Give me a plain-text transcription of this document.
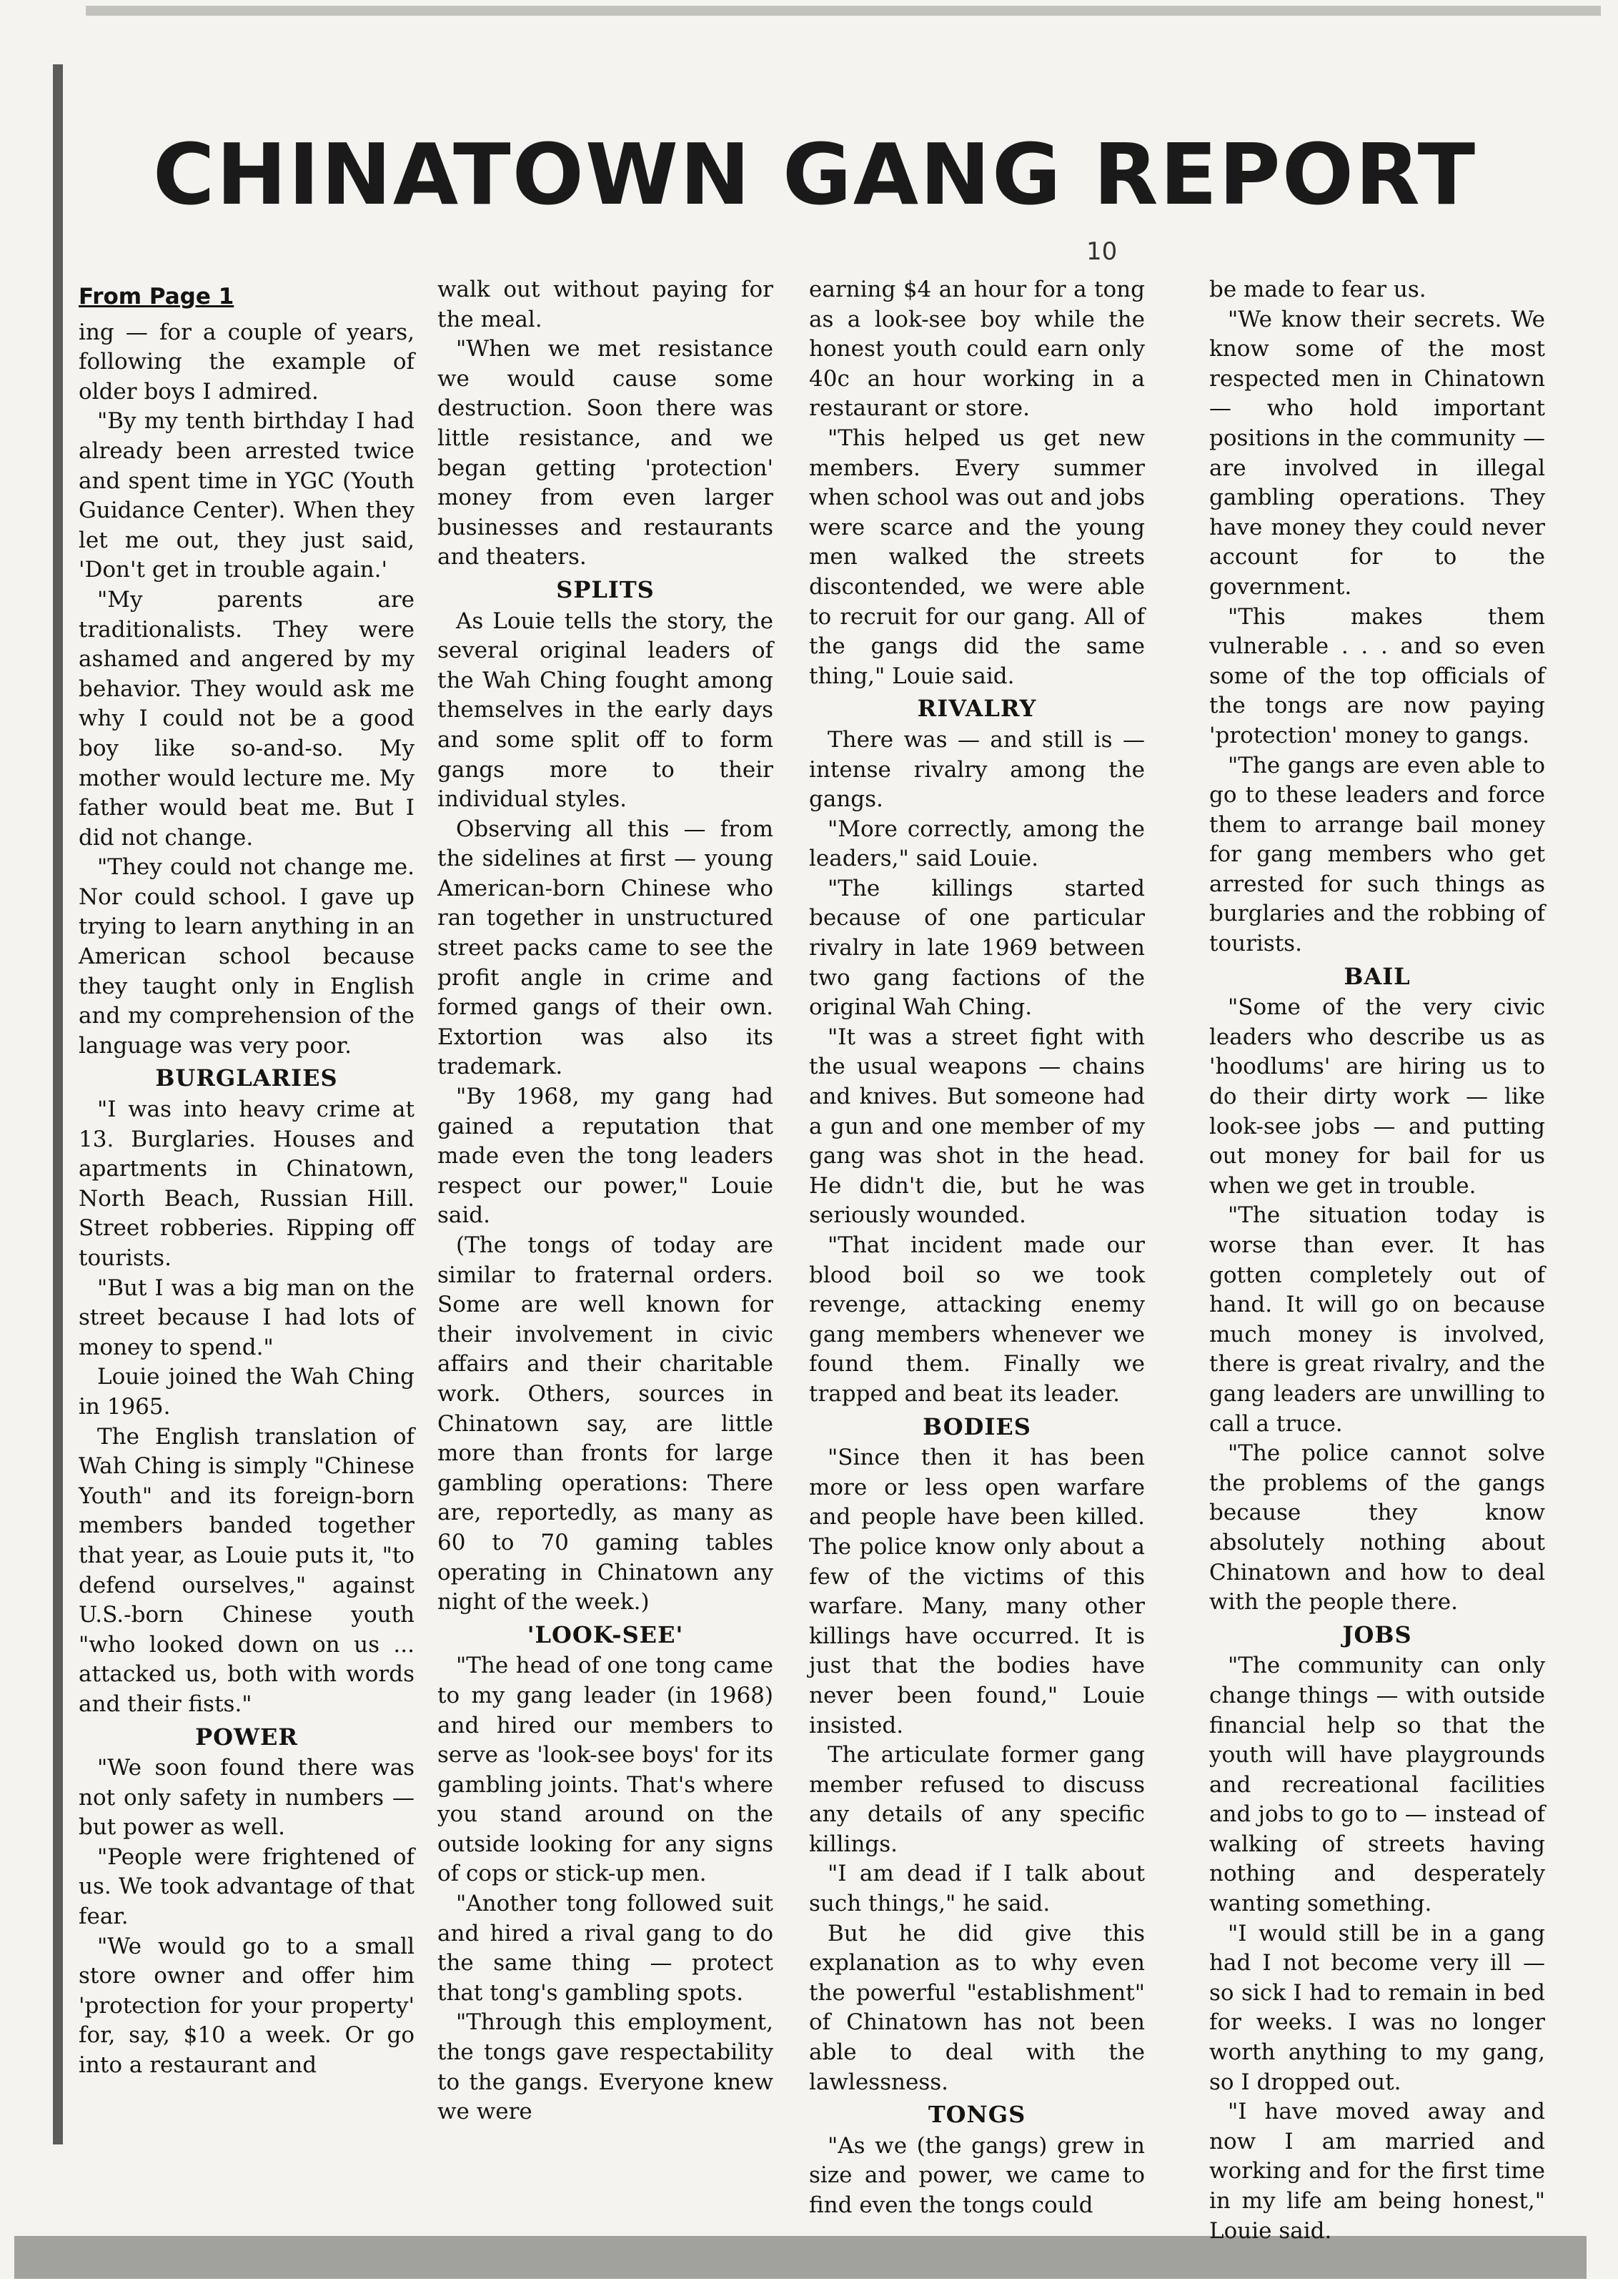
CHINATOWN GANG REPORT
10
From Page 1

ing — for a couple of years, following the example of older boys I admired.

"By my tenth birthday I had already been arrested twice and spent time in YGC (Youth Guidance Center). When they let me out, they just said, 'Don't get in trouble again.'

"My parents are traditionalists. They were ashamed and angered by my behavior. They would ask me why I could not be a good boy like so-and-so. My mother would lecture me. My father would beat me. But I did not change.

"They could not change me. Nor could school. I gave up trying to learn anything in an American school because they taught only in English and my comprehension of the language was very poor.

BURGLARIES

"I was into heavy crime at 13. Burglaries. Houses and apartments in Chinatown, North Beach, Russian Hill. Street robberies. Ripping off tourists.

"But I was a big man on the street because I had lots of money to spend."

Louie joined the Wah Ching in 1965.

The English translation of Wah Ching is simply "Chinese Youth" and its foreign-born members banded together that year, as Louie puts it, "to defend ourselves," against U.S.-born Chinese youth "who looked down on us ... attacked us, both with words and their fists."

POWER

"We soon found there was not only safety in numbers — but power as well.

"People were frightened of us. We took advantage of that fear.

"We would go to a small store owner and offer him 'protection for your property' for, say, $10 a week. Or go into a restaurant and

walk out without paying for the meal.

"When we met resistance we would cause some destruction. Soon there was little resistance, and we began getting 'protection' money from even larger businesses and restaurants and theaters.

SPLITS

As Louie tells the story, the several original leaders of the Wah Ching fought among themselves in the early days and some split off to form gangs more to their individual styles.

Observing all this — from the sidelines at first — young American-born Chinese who ran together in unstructured street packs came to see the profit angle in crime and formed gangs of their own. Extortion was also its trademark.

"By 1968, my gang had gained a reputation that made even the tong leaders respect our power," Louie said.

(The tongs of today are similar to fraternal orders. Some are well known for their involvement in civic affairs and their charitable work. Others, sources in Chinatown say, are little more than fronts for large gambling operations: There are, reportedly, as many as 60 to 70 gaming tables operating in Chinatown any night of the week.)

'LOOK-SEE'

"The head of one tong came to my gang leader (in 1968) and hired our members to serve as 'look-see boys' for its gambling joints. That's where you stand around on the outside looking for any signs of cops or stick-up men.

"Another tong followed suit and hired a rival gang to do the same thing — protect that tong's gambling spots.

"Through this employment, the tongs gave respectability to the gangs. Everyone knew we were

earning $4 an hour for a tong as a look-see boy while the honest youth could earn only 40c an hour working in a restaurant or store.

"This helped us get new members. Every summer when school was out and jobs were scarce and the young men walked the streets discontended, we were able to recruit for our gang. All of the gangs did the same thing," Louie said.

RIVALRY

There was — and still is — intense rivalry among the gangs.

"More correctly, among the leaders," said Louie.

"The killings started because of one particular rivalry in late 1969 between two gang factions of the original Wah Ching.

"It was a street fight with the usual weapons — chains and knives. But someone had a gun and one member of my gang was shot in the head. He didn't die, but he was seriously wounded.

"That incident made our blood boil so we took revenge, attacking enemy gang members whenever we found them. Finally we trapped and beat its leader.

BODIES

"Since then it has been more or less open warfare and people have been killed. The police know only about a few of the victims of this warfare. Many, many other killings have occurred. It is just that the bodies have never been found," Louie insisted.

The articulate former gang member refused to discuss any details of any specific killings.

"I am dead if I talk about such things," he said.

But he did give this explanation as to why even the powerful "establishment" of Chinatown has not been able to deal with the lawlessness.

TONGS

"As we (the gangs) grew in size and power, we came to find even the tongs could

be made to fear us.

"We know their secrets. We know some of the most respected men in Chinatown — who hold important positions in the community — are involved in illegal gambling operations. They have money they could never account for to the government.

"This makes them vulnerable . . . and so even some of the top officials of the tongs are now paying 'protection' money to gangs.

"The gangs are even able to go to these leaders and force them to arrange bail money for gang members who get arrested for such things as burglaries and the robbing of tourists.

BAIL

"Some of the very civic leaders who describe us as 'hoodlums' are hiring us to do their dirty work — like look-see jobs — and putting out money for bail for us when we get in trouble.

"The situation today is worse than ever. It has gotten completely out of hand. It will go on because much money is involved, there is great rivalry, and the gang leaders are unwilling to call a truce.

"The police cannot solve the problems of the gangs because they know absolutely nothing about Chinatown and how to deal with the people there.

JOBS

"The community can only change things — with outside financial help so that the youth will have playgrounds and recreational facilities and jobs to go to — instead of walking of streets having nothing and desperately wanting something.

"I would still be in a gang had I not become very ill — so sick I had to remain in bed for weeks. I was no longer worth anything to my gang, so I dropped out.

"I have moved away and now I am married and working and for the first time in my life am being honest," Louie said.
